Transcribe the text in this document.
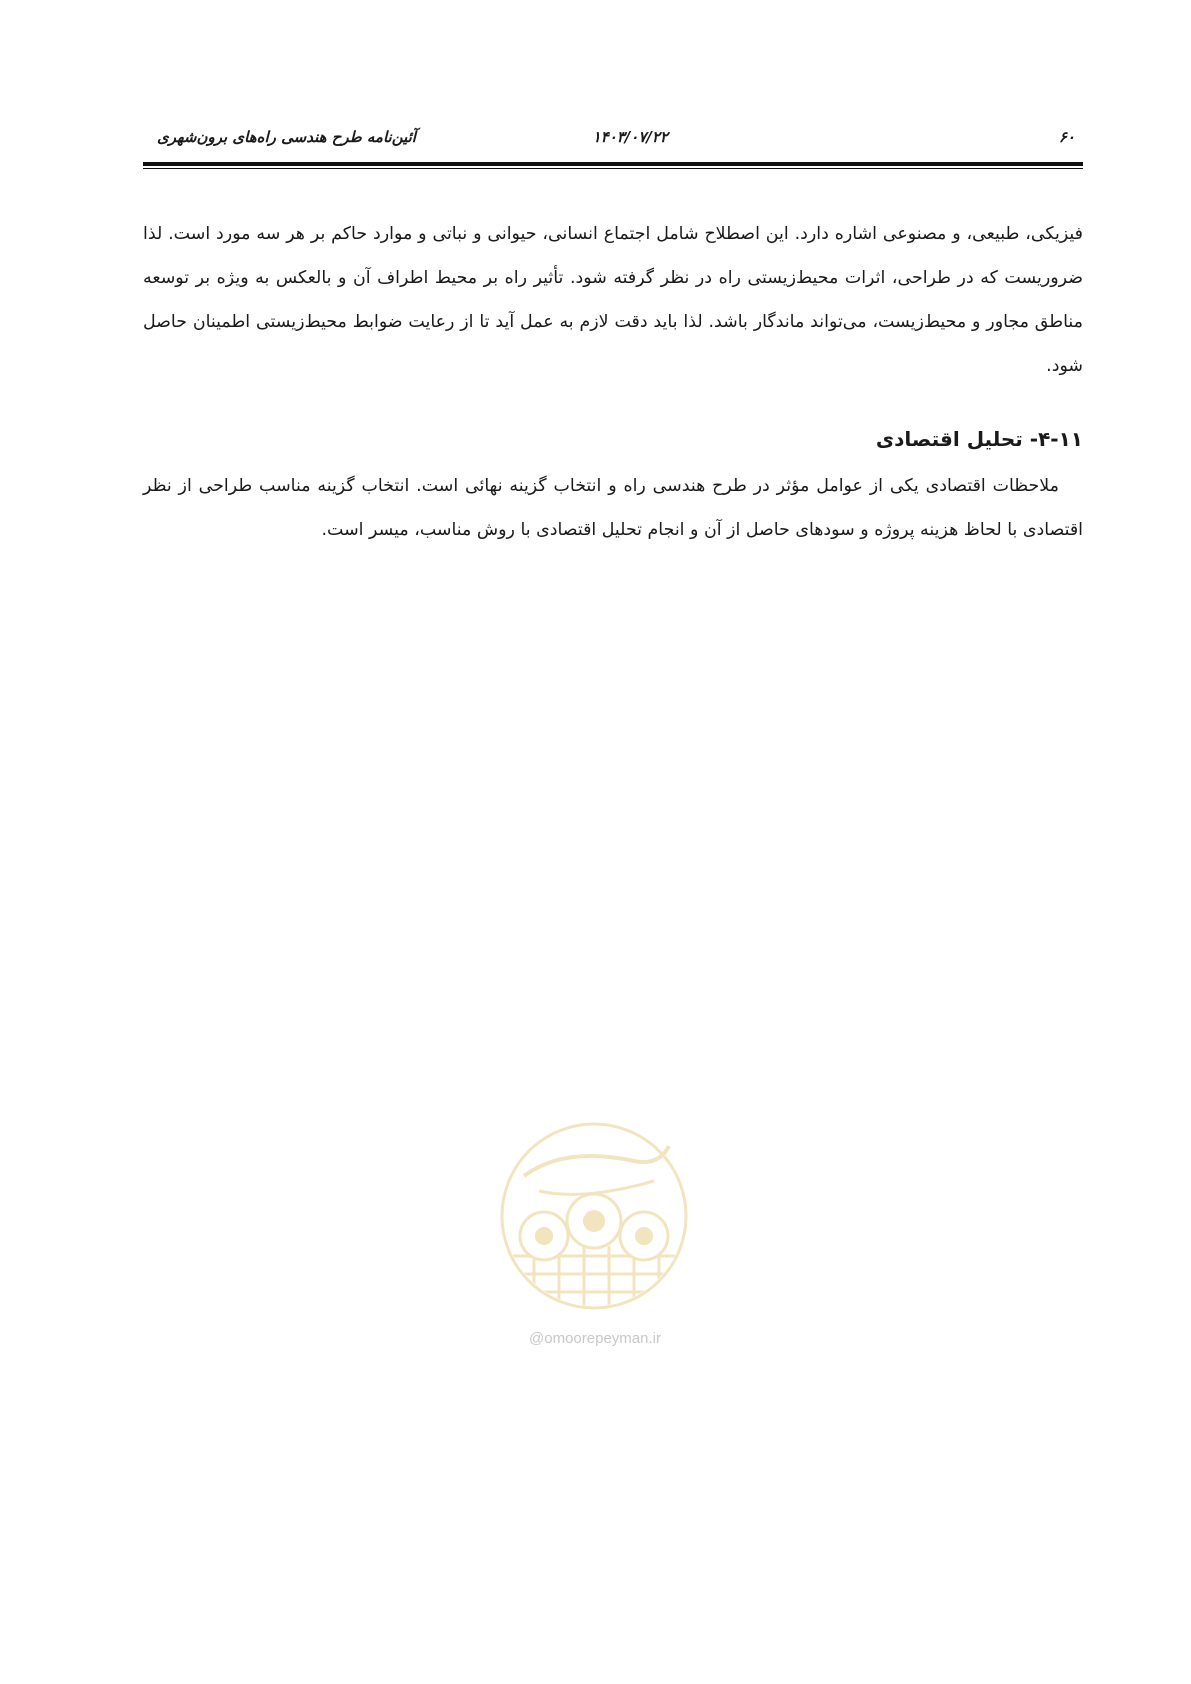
۶۰
۱۴۰۳/۰۷/۲۲
آئین‌نامه طرح هندسی راه‌های برون‌شهری

فیزیکی، طبیعی، و مصنوعی اشاره دارد. این اصطلاح شامل اجتماع انسانی، حیوانی و نباتی و موارد حاکم بر هر سه مورد است. لذا ضروریست که در طراحی، اثرات محیط‌زیستی راه در نظر گرفته شود. تأثیر راه بر محیط اطراف آن و بالعکس به ویژه بر توسعه مناطق مجاور و محیط‌زیست، می‌تواند ماندگار باشد. لذا باید دقت لازم به عمل آید تا از رعایت ضوابط محیط‌زیستی اطمینان حاصل شود.

۴-۱۱- تحلیل اقتصادی

ملاحظات اقتصادی یکی از عوامل مؤثر در طرح هندسی راه و انتخاب گزینه نهائی است. انتخاب گزینه مناسب طراحی از نظر اقتصادی با لحاظ هزینه پروژه و سودهای حاصل از آن و انجام تحلیل اقتصادی با روش مناسب، میسر است.

@omoorepeyman.ir
